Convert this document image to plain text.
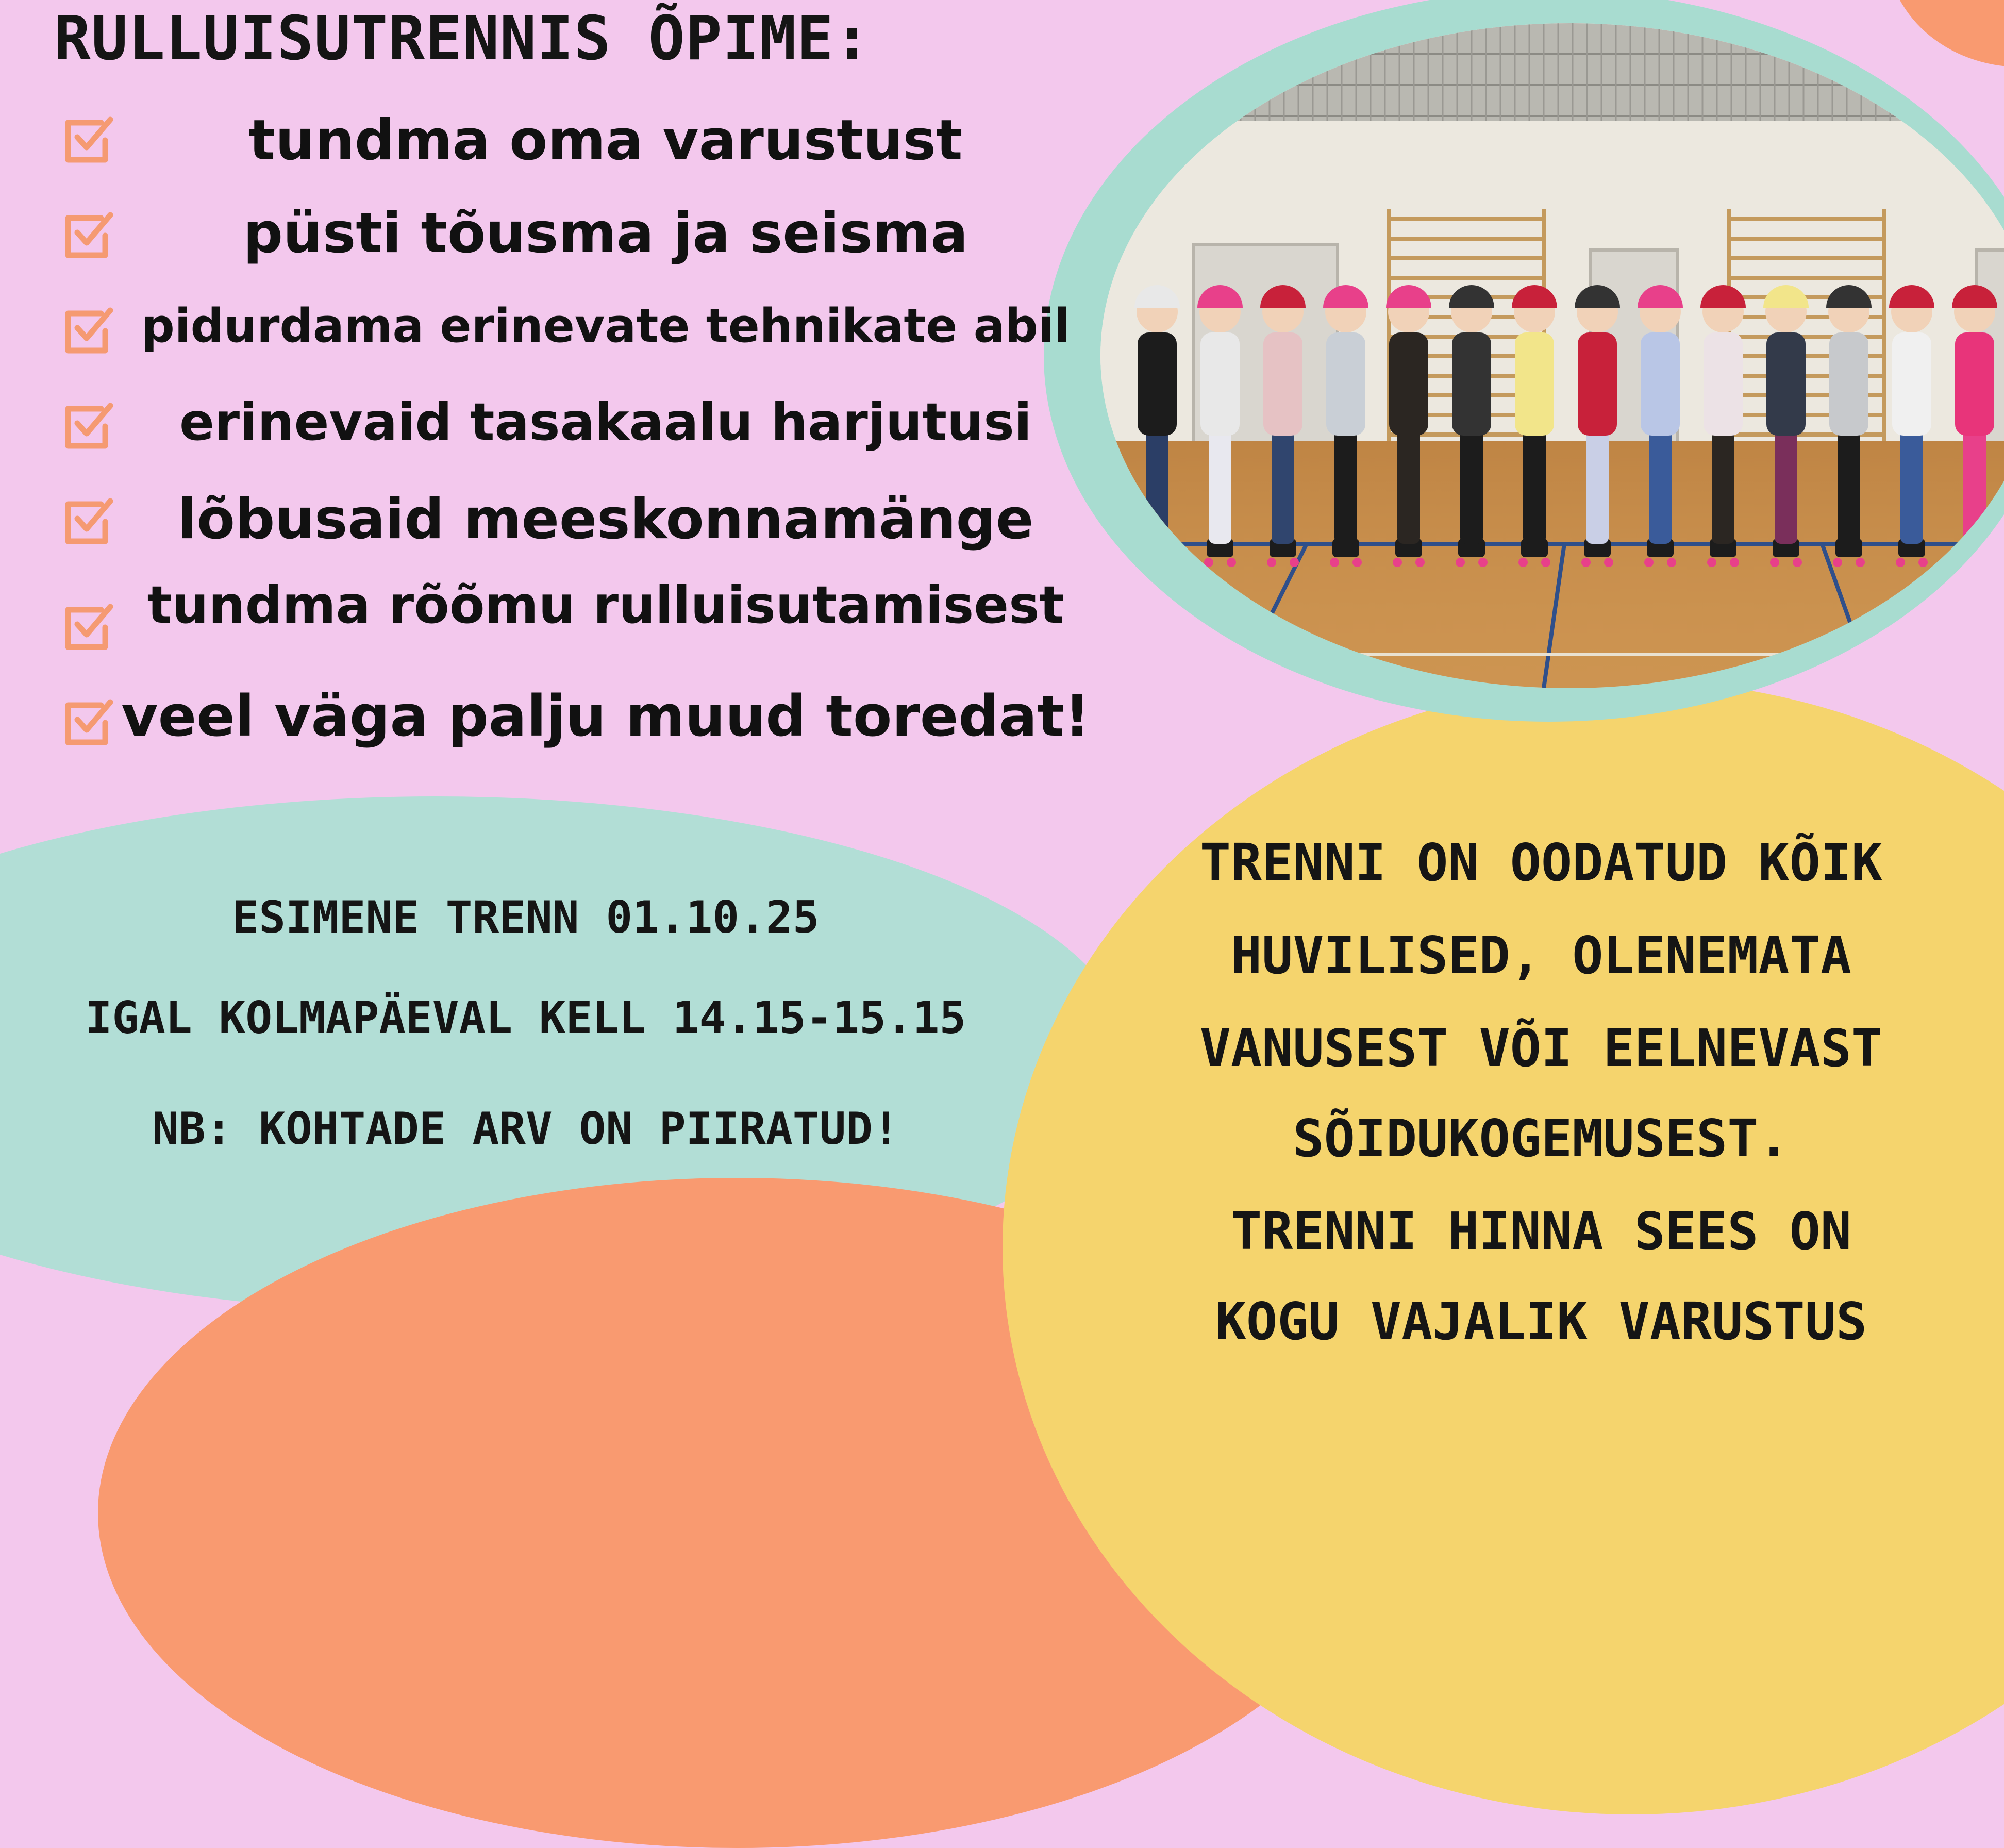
RULLUISUTRENNIS ÕPIME:
tundma oma varustust
püsti tõusma ja seisma
pidurdama erinevate tehnikate abil
erinevaid tasakaalu harjutusi
lõbusaid meeskonnamänge
tundma rõõmu rulluisutamisest
veel väga palju muud toredat!
ESIMENE TRENN 01.10.25
IGAL KOLMAPÄEVAL KELL 14.15-15.15
NB: KOHTADE ARV ON PIIRATUD!
TRENNI ON OODATUD KÕIK
HUVILISED, OLENEMATA
VANUSEST VÕI EELNEVAST
SÕIDUKOGEMUSEST.
TRENNI HINNA SEES ON
KOGU VAJALIK VARUSTUS
